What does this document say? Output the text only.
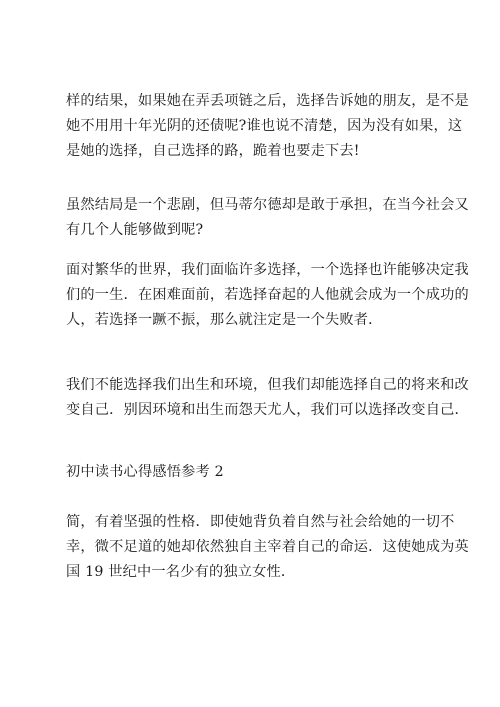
样的结果，如果她在弄丢项链之后，选择告诉她的朋友，是不是
她不用用十年光阴的还债呢?谁也说不清楚，因为没有如果，这
是她的选择，自己选择的路，跪着也要走下去!

虽然结局是一个悲剧，但马蒂尔德却是敢于承担，在当今社会又
有几个人能够做到呢?

面对繁华的世界，我们面临许多选择，一个选择也许能够决定我
们的一生．在困难面前，若选择奋起的人他就会成为一个成功的
人，若选择一蹶不振，那么就注定是一个失败者．

我们不能选择我们出生和环境，但我们却能选择自己的将来和改
变自己．别因环境和出生而怨天尤人，我们可以选择改变自己．

初中读书心得感悟参考 2

简，有着坚强的性格．即使她背负着自然与社会给她的一切不
幸，微不足道的她却依然独自主宰着自己的命运．这使她成为英
国 19 世纪中一名少有的独立女性．
